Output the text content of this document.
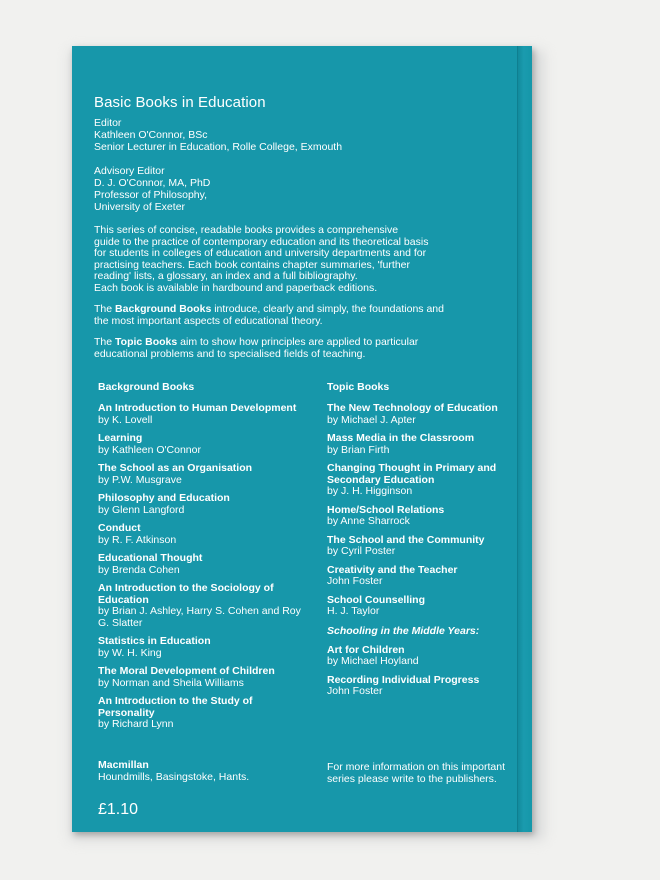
Basic Books in Education
Editor
Kathleen O'Connor, BSc
Senior Lecturer in Education, Rolle College, Exmouth
Advisory Editor
D. J. O'Connor, MA, PhD
Professor of Philosophy,
University of Exeter
This series of concise, readable books provides a comprehensive
guide to the practice of contemporary education and its theoretical basis
for students in colleges of education and university departments and for
practising teachers. Each book contains chapter summaries, 'further
reading' lists, a glossary, an index and a full bibliography.
Each book is available in hardbound and paperback editions.
The Background Books introduce, clearly and simply, the foundations and
the most important aspects of educational theory.
The Topic Books aim to show how principles are applied to particular
educational problems and to specialised fields of teaching.
Background Books
An Introduction to Human Development
by K. Lovell
Learning
by Kathleen O'Connor
The School as an Organisation
by P.W. Musgrave
Philosophy and Education
by Glenn Langford
Conduct
by R. F. Atkinson
Educational Thought
by Brenda Cohen
An Introduction to the Sociology of Education
by Brian J. Ashley, Harry S. Cohen and Roy G. Slatter
Statistics in Education
by W. H. King
The Moral Development of Children
by Norman and Sheila Williams
An Introduction to the Study of Personality
by Richard Lynn
Topic Books
The New Technology of Education
by Michael J. Apter
Mass Media in the Classroom
by Brian Firth
Changing Thought in Primary and Secondary Education
by J. H. Higginson
Home/School Relations
by Anne Sharrock
The School and the Community
by Cyril Poster
Creativity and the Teacher
John Foster
School Counselling
H. J. Taylor
Schooling in the Middle Years:
Art for Children
by Michael Hoyland
Recording Individual Progress
John Foster
Macmillan
Houndmills, Basingstoke, Hants.
For more information on this important
series please write to the publishers.
£1.10
